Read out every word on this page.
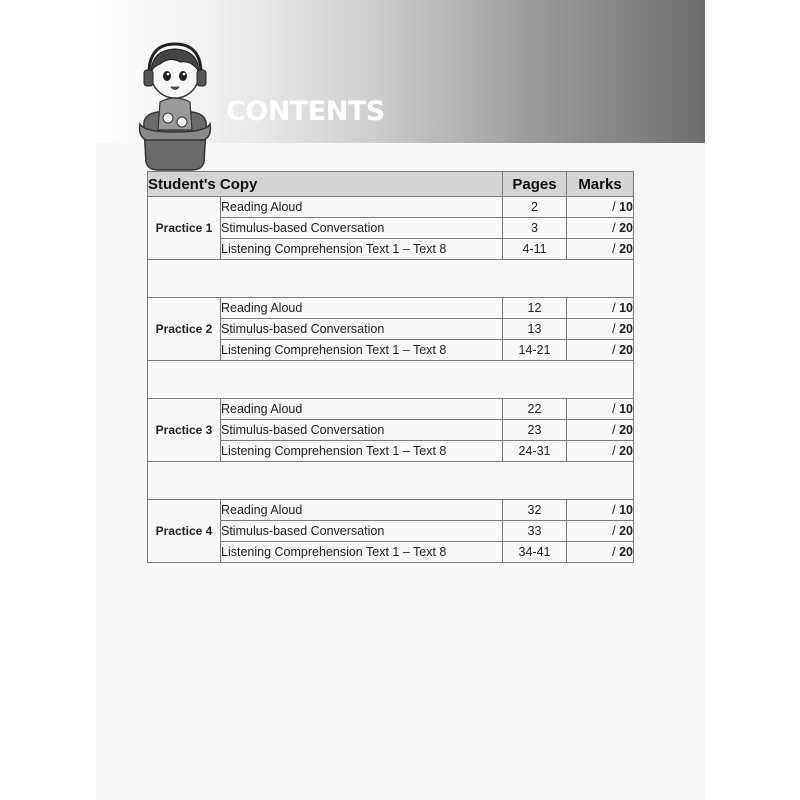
CONTENTS
Student's Copy		Pages	Marks
Practice 1	Reading Aloud	2	/ 10
	Stimulus-based Conversation	3	/ 20
	Listening Comprehension Text 1 – Text 8	4-11	/ 20

Practice 2	Reading Aloud	12	/ 10
	Stimulus-based Conversation	13	/ 20
	Listening Comprehension Text 1 – Text 8	14-21	/ 20

Practice 3	Reading Aloud	22	/ 10
	Stimulus-based Conversation	23	/ 20
	Listening Comprehension Text 1 – Text 8	24-31	/ 20

Practice 4	Reading Aloud	32	/ 10
	Stimulus-based Conversation	33	/ 20
	Listening Comprehension Text 1 – Text 8	34-41	/ 20
